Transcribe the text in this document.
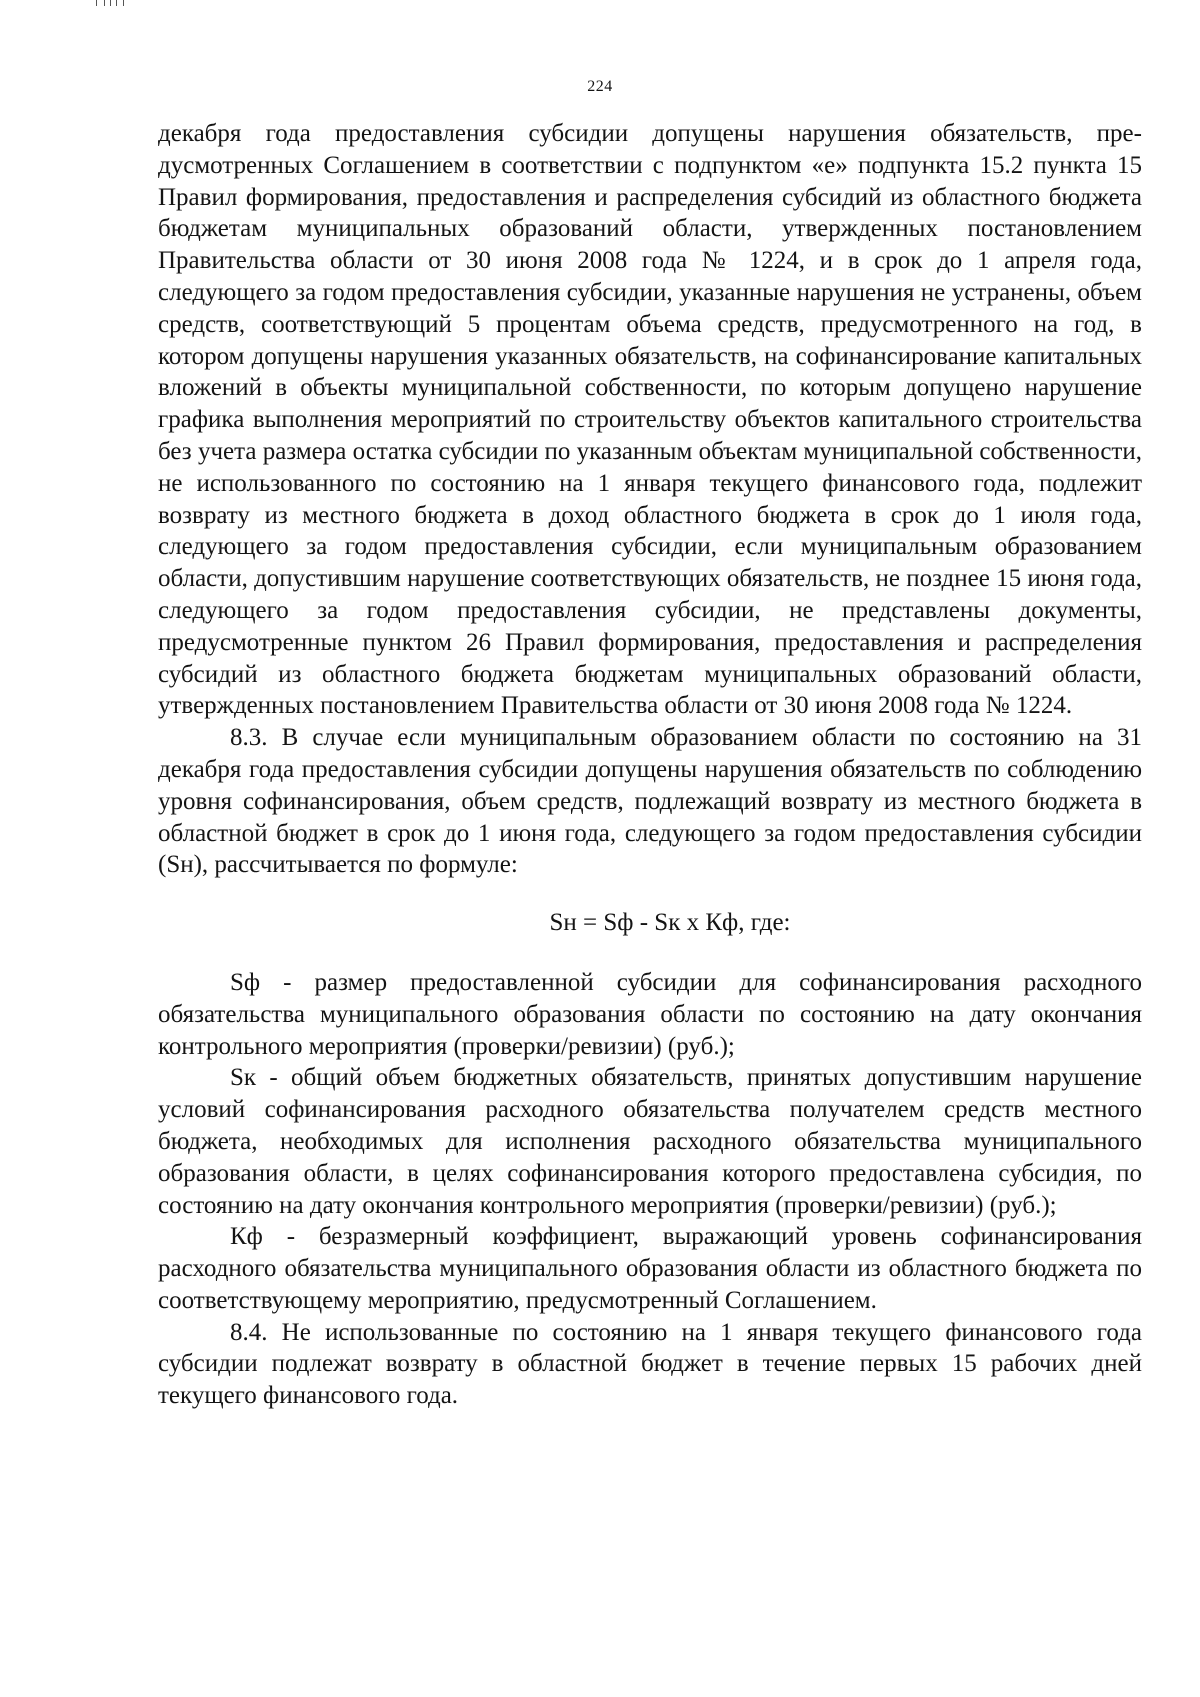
224

декабря года предоставления субсидии допущены нарушения обязательств, предусмотренных Соглашением в соответствии с подпунктом «е» подпункта 15.2 пункта 15 Правил формирования, предоставления и распределения субсидий из областного бюджета бюджетам муниципальных образований области, утвержденных постановлением Правительства области от 30 июня 2008 года № 1224, и в срок до 1 апреля года, следующего за годом предоставления субсидии, указанные нарушения не устранены, объем средств, соответствующий 5 процентам объема средств, предусмотренного на год, в котором допущены нарушения указанных обязательств, на софинансирование капитальных вложений в объекты муниципальной собственности, по которым допущено нарушение графика выполнения мероприятий по строительству объектов капитального строительства без учета размера остатка субсидии по указанным объектам муниципальной собственности, не использованного по состоянию на 1 января текущего финансового года, подлежит возврату из местного бюджета в доход областного бюджета в срок до 1 июля года, следующего за годом предоставления субсидии, если муниципальным образованием области, допустившим нарушение соответствующих обязательств, не позднее 15 июня года, следующего за годом предоставления субсидии, не представлены документы, предусмотренные пунктом 26 Правил формирования, предоставления и распределения субсидий из областного бюджета бюджетам муниципальных образований области, утвержденных постановлением Правительства области от 30 июня 2008 года № 1224.

8.3. В случае если муниципальным образованием области по состоянию на 31 декабря года предоставления субсидии допущены нарушения обязательств по соблюдению уровня софинансирования, объем средств, подлежащий возврату из местного бюджета в областной бюджет в срок до 1 июня года, следующего за годом предоставления субсидии (Sн), рассчитывается по формуле:

Sн = Sф - Sк x Кф, где:

Sф - размер предоставленной субсидии для софинансирования расходного обязательства муниципального образования области по состоянию на дату окончания контрольного мероприятия (проверки/ревизии) (руб.);

Sк - общий объем бюджетных обязательств, принятых допустившим нарушение условий софинансирования расходного обязательства получателем средств местного бюджета, необходимых для исполнения расходного обязательства муниципального образования области, в целях софинансирования которого предоставлена субсидия, по состоянию на дату окончания контрольного мероприятия (проверки/ревизии) (руб.);

Кф - безразмерный коэффициент, выражающий уровень софинансирования расходного обязательства муниципального образования области из областного бюджета по соответствующему мероприятию, предусмотренный Соглашением.

8.4. Не использованные по состоянию на 1 января текущего финансового года субсидии подлежат возврату в областной бюджет в течение первых 15 рабочих дней текущего финансового года.
